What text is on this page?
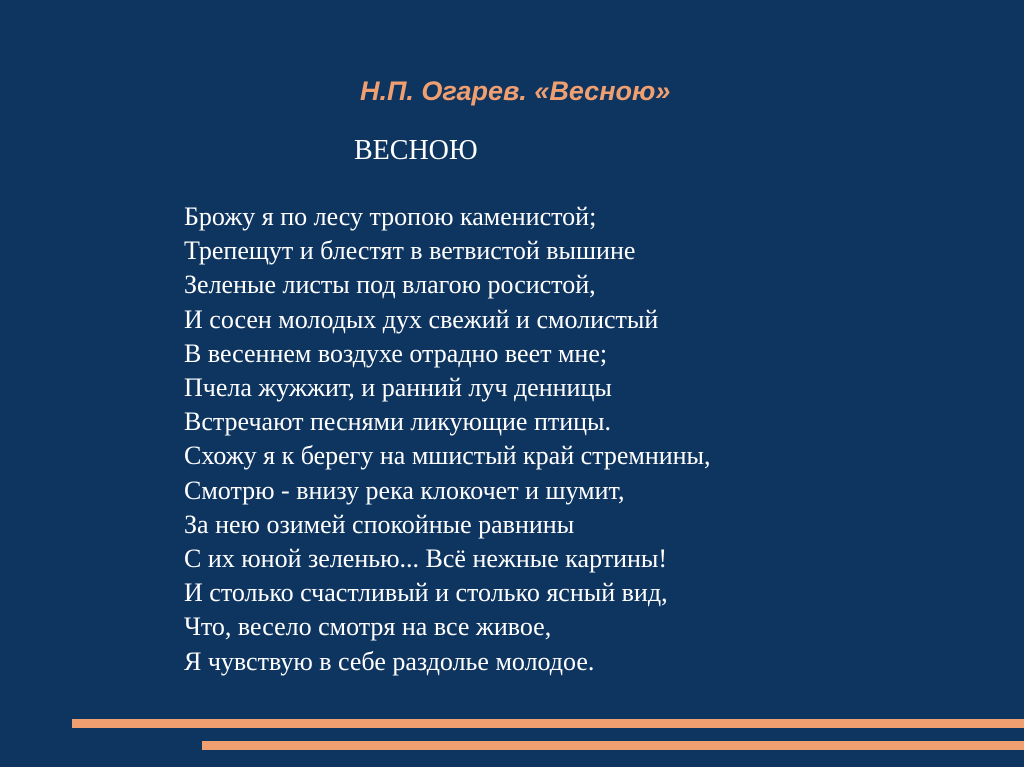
Н.П. Огарев. «Весною»
ВЕСНОЮ
Брожу я по лесу тропою каменистой;
Трепещут и блестят в ветвистой вышине
Зеленые листы под влагою росистой,
И сосен молодых дух свежий и смолистый
В весеннем воздухе отрадно веет мне;
Пчела жужжит, и ранний луч денницы
Встречают песнями ликующие птицы.
Схожу я к берегу на мшистый край стремнины,
Смотрю - внизу река клокочет и шумит,
За нею озимей спокойные равнины
С их юной зеленью... Всё нежные картины!
И столько счастливый и столько ясный вид,
Что, весело смотря на все живое,
Я чувствую в себе раздолье молодое.
